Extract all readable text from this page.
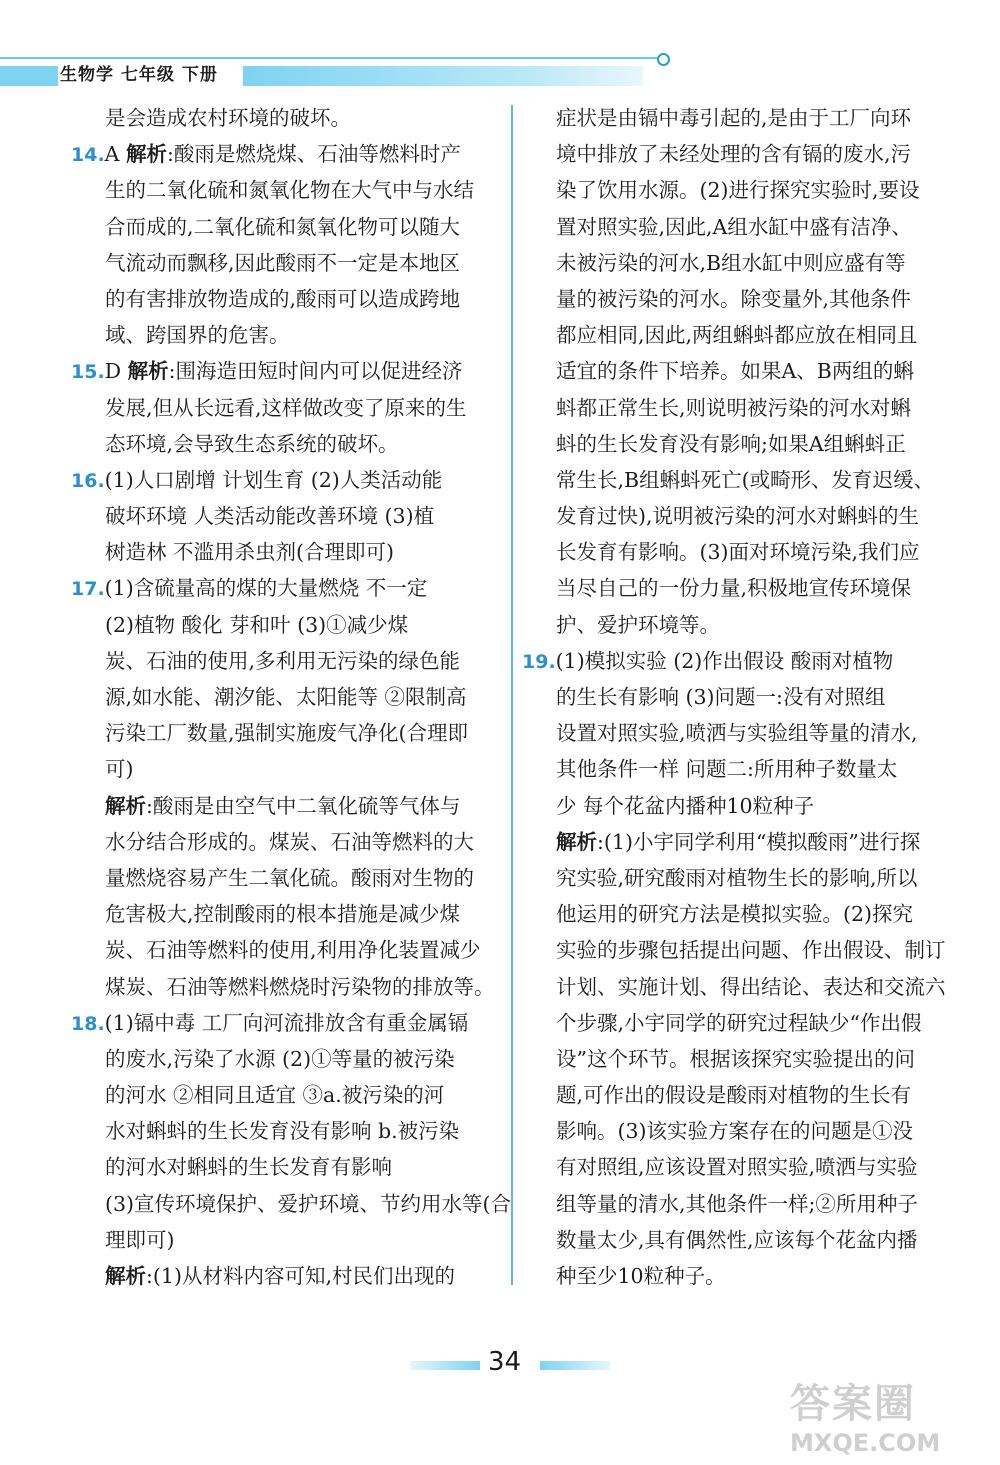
生物学 七年级 下册
是会造成农村环境的破坏。
14.A 解析:酸雨是燃烧煤、石油等燃料时产
生的二氧化硫和氮氧化物在大气中与水结
合而成的,二氧化硫和氮氧化物可以随大
气流动而飘移,因此酸雨不一定是本地区
的有害排放物造成的,酸雨可以造成跨地
域、跨国界的危害。
15.D 解析:围海造田短时间内可以促进经济
发展,但从长远看,这样做改变了原来的生
态环境,会导致生态系统的破坏。
16.(1)人口剧增 计划生育 (2)人类活动能
破坏环境 人类活动能改善环境 (3)植
树造林 不滥用杀虫剂(合理即可)
17.(1)含硫量高的煤的大量燃烧 不一定
(2)植物 酸化 芽和叶 (3)①减少煤
炭、石油的使用,多利用无污染的绿色能
源,如水能、潮汐能、太阳能等 ②限制高
污染工厂数量,强制实施废气净化(合理即
可)
解析:酸雨是由空气中二氧化硫等气体与
水分结合形成的。煤炭、石油等燃料的大
量燃烧容易产生二氧化硫。酸雨对生物的
危害极大,控制酸雨的根本措施是减少煤
炭、石油等燃料的使用,利用净化装置减少
煤炭、石油等燃料燃烧时污染物的排放等。
18.(1)镉中毒 工厂向河流排放含有重金属镉
的废水,污染了水源 (2)①等量的被污染
的河水 ②相同且适宜 ③a.被污染的河
水对蝌蚪的生长发育没有影响 b.被污染
的河水对蝌蚪的生长发育有影响
(3)宣传环境保护、爱护环境、节约用水等(合
理即可)
解析:(1)从材料内容可知,村民们出现的
症状是由镉中毒引起的,是由于工厂向环
境中排放了未经处理的含有镉的废水,污
染了饮用水源。(2)进行探究实验时,要设
置对照实验,因此,A组水缸中盛有洁净、
未被污染的河水,B组水缸中则应盛有等
量的被污染的河水。除变量外,其他条件
都应相同,因此,两组蝌蚪都应放在相同且
适宜的条件下培养。如果A、B两组的蝌
蚪都正常生长,则说明被污染的河水对蝌
蚪的生长发育没有影响;如果A组蝌蚪正
常生长,B组蝌蚪死亡(或畸形、发育迟缓、
发育过快),说明被污染的河水对蝌蚪的生
长发育有影响。(3)面对环境污染,我们应
当尽自己的一份力量,积极地宣传环境保
护、爱护环境等。
19.(1)模拟实验 (2)作出假设 酸雨对植物
的生长有影响 (3)问题一:没有对照组
设置对照实验,喷洒与实验组等量的清水,
其他条件一样 问题二:所用种子数量太
少 每个花盆内播种10粒种子
解析:(1)小宇同学利用“模拟酸雨”进行探
究实验,研究酸雨对植物生长的影响,所以
他运用的研究方法是模拟实验。(2)探究
实验的步骤包括提出问题、作出假设、制订
计划、实施计划、得出结论、表达和交流六
个步骤,小宇同学的研究过程缺少“作出假
设”这个环节。根据该探究实验提出的问
题,可作出的假设是酸雨对植物的生长有
影响。(3)该实验方案存在的问题是①没
有对照组,应该设置对照实验,喷洒与实验
组等量的清水,其他条件一样;②所用种子
数量太少,具有偶然性,应该每个花盆内播
种至少10粒种子。
34
答案圈
MXQE.COM
